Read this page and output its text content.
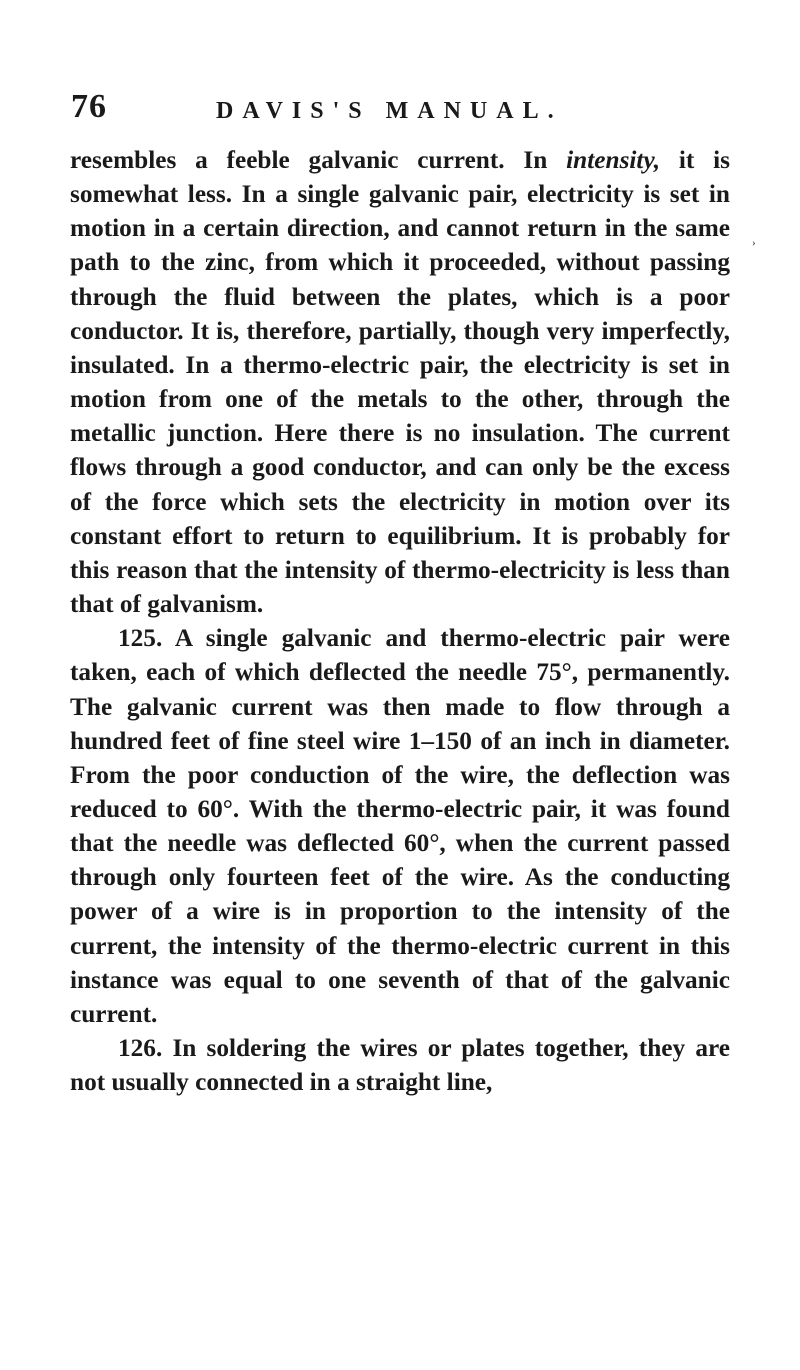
76	DAVIS'S MANUAL.
›

resembles a feeble galvanic current. In intensity, it is somewhat less. In a single galvanic pair, electricity is set in motion in a certain direction, and cannot return in the same path to the zinc, from which it proceeded, without passing through the fluid between the plates, which is a poor conductor. It is, therefore, partially, though very imperfectly, insulated. In a thermo-electric pair, the electricity is set in motion from one of the metals to the other, through the metallic junction. Here there is no insulation. The current flows through a good conductor, and can only be the excess of the force which sets the electricity in motion over its constant effort to return to equilibrium. It is probably for this reason that the intensity of thermo-electricity is less than that of galvanism.

125. A single galvanic and thermo-electric pair were taken, each of which deflected the needle 75°, permanently. The galvanic current was then made to flow through a hundred feet of fine steel wire 1–150 of an inch in diameter. From the poor conduction of the wire, the deflection was reduced to 60°. With the thermo-electric pair, it was found that the needle was deflected 60°, when the current passed through only fourteen feet of the wire. As the conducting power of a wire is in proportion to the intensity of the current, the intensity of the thermo-electric current in this instance was equal to one seventh of that of the galvanic current.

126. In soldering the wires or plates together, they are not usually connected in a straight line,
